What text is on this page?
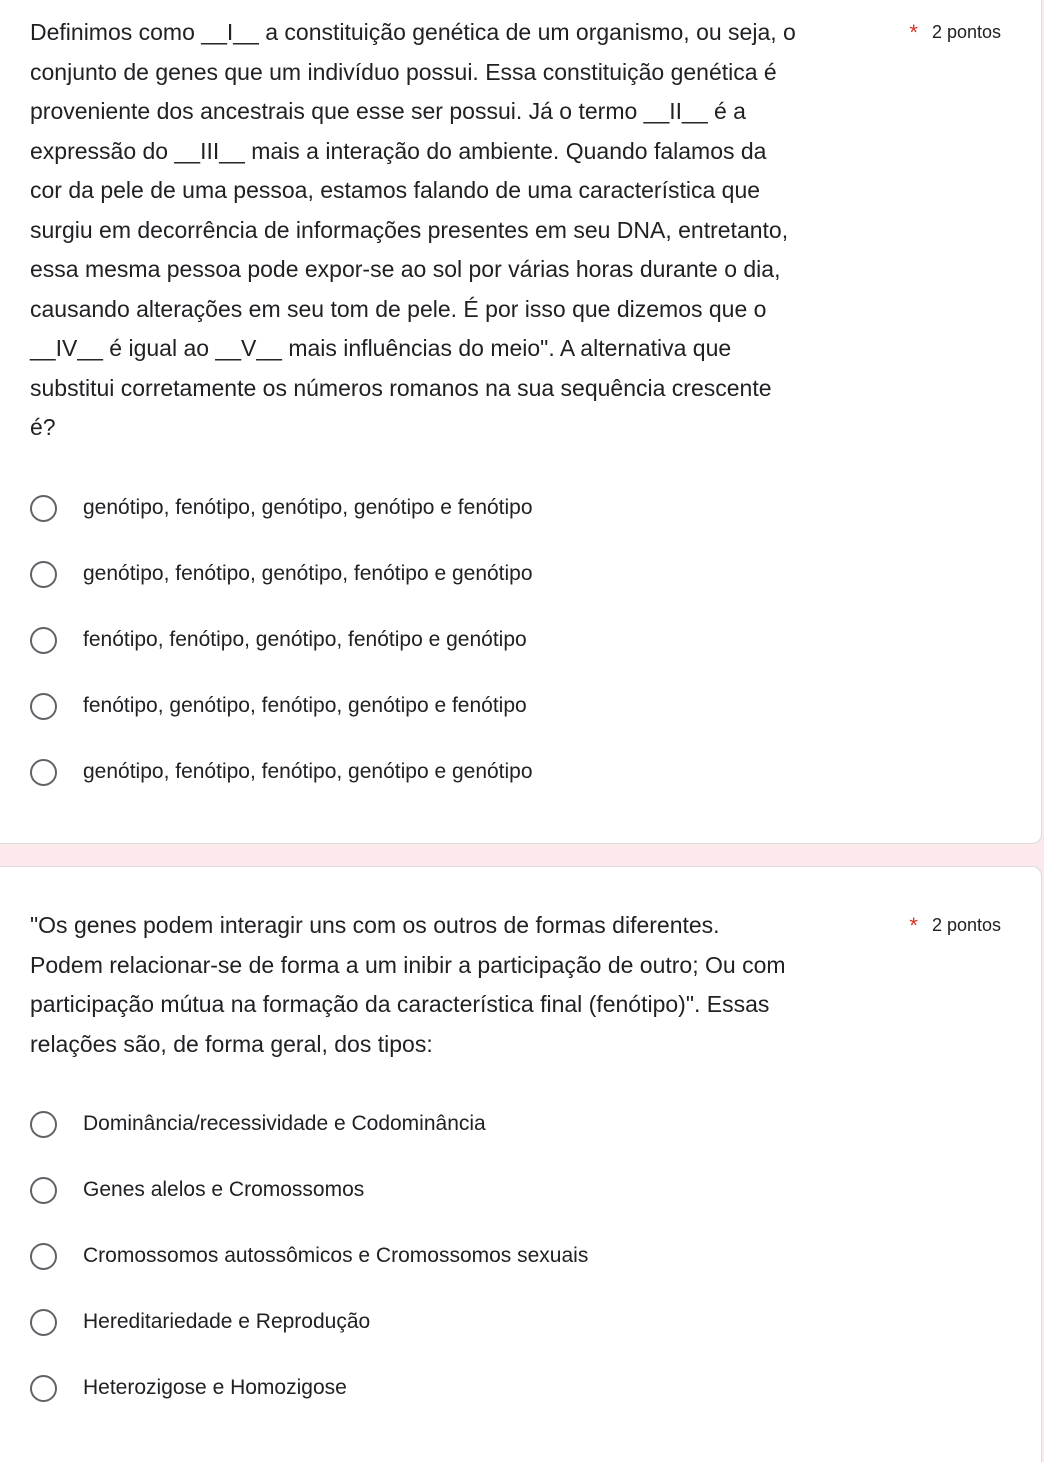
Definimos como __I__ a constituição genética de um organismo, ou seja, o
conjunto de genes que um indivíduo possui. Essa constituição genética é
proveniente dos ancestrais que esse ser possui. Já o termo __II__ é a
expressão do __III__ mais a interação do ambiente. Quando falamos da
cor da pele de uma pessoa, estamos falando de uma característica que
surgiu em decorrência de informações presentes em seu DNA, entretanto,
essa mesma pessoa pode expor-se ao sol por várias horas durante o dia,
causando alterações em seu tom de pele. É por isso que dizemos que o
__IV__ é igual ao __V__ mais influências do meio". A alternativa que
substitui corretamente os números romanos na sua sequência crescente
é?

* 2 pontos
genótipo, fenótipo, genótipo, genótipo e fenótipo
genótipo, fenótipo, genótipo, fenótipo e genótipo
fenótipo, fenótipo, genótipo, fenótipo e genótipo
fenótipo, genótipo, fenótipo, genótipo e fenótipo
genótipo, fenótipo, fenótipo, genótipo e genótipo

"Os genes podem interagir uns com os outros de formas diferentes.
Podem relacionar-se de forma a um inibir a participação de outro; Ou com
participação mútua na formação da característica final (fenótipo)". Essas
relações são, de forma geral, dos tipos:

* 2 pontos
Dominância/recessividade e Codominância
Genes alelos e Cromossomos
Cromossomos autossômicos e Cromossomos sexuais
Hereditariedade e Reprodução
Heterozigose e Homozigose
